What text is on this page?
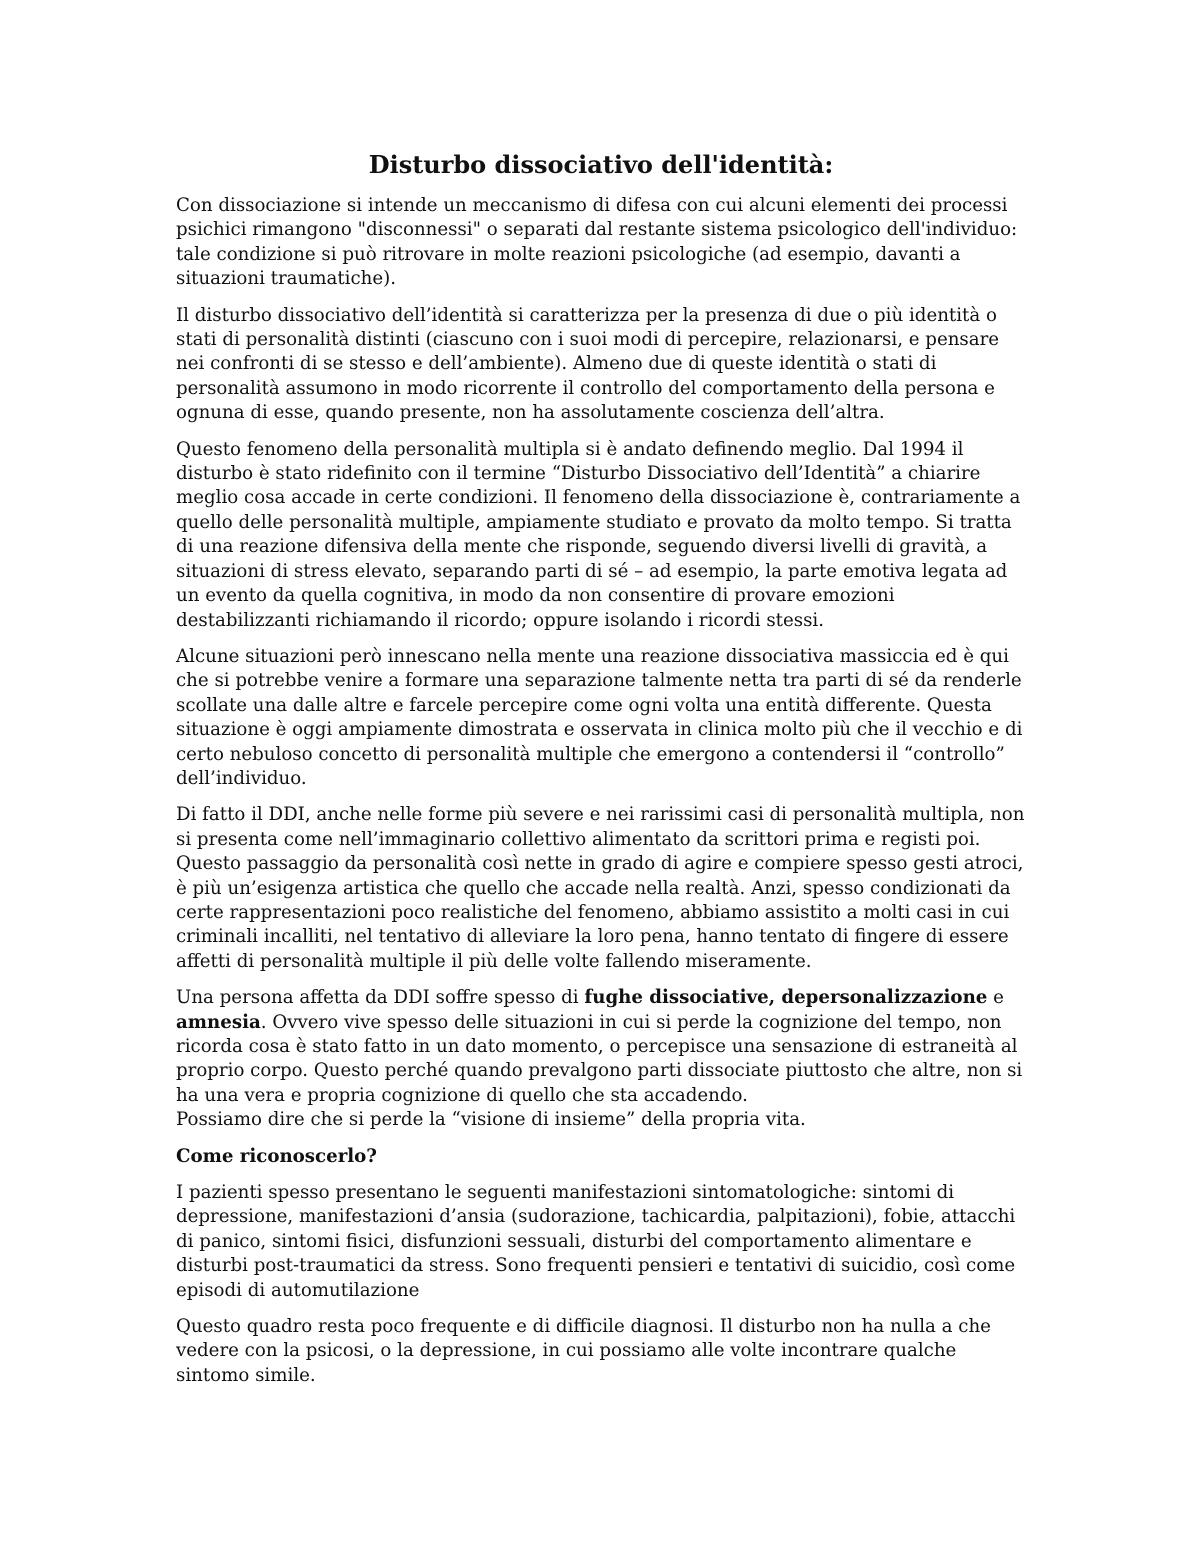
Disturbo dissociativo dell'identità:

Con dissociazione si intende un meccanismo di difesa con cui alcuni elementi dei processi psichici rimangono "disconnessi" o separati dal restante sistema psicologico dell'individuo: tale condizione si può ritrovare in molte reazioni psicologiche (ad esempio, davanti a situazioni traumatiche).

Il disturbo dissociativo dell’identità si caratterizza per la presenza di due o più identità o stati di personalità distinti (ciascuno con i suoi modi di percepire, relazionarsi, e pensare nei confronti di se stesso e dell’ambiente). Almeno due di queste identità o stati di personalità assumono in modo ricorrente il controllo del comportamento della persona e ognuna di esse, quando presente, non ha assolutamente coscienza dell’altra.

Questo fenomeno della personalità multipla si è andato definendo meglio. Dal 1994 il disturbo è stato ridefinito con il termine “Disturbo Dissociativo dell’Identità” a chiarire meglio cosa accade in certe condizioni. Il fenomeno della dissociazione è, contrariamente a quello delle personalità multiple, ampiamente studiato e provato da molto tempo. Si tratta di una reazione difensiva della mente che risponde, seguendo diversi livelli di gravità, a situazioni di stress elevato, separando parti di sé – ad esempio, la parte emotiva legata ad un evento da quella cognitiva, in modo da non consentire di provare emozioni destabilizzanti richiamando il ricordo; oppure isolando i ricordi stessi.

Alcune situazioni però innescano nella mente una reazione dissociativa massiccia ed è qui che si potrebbe venire a formare una separazione talmente netta tra parti di sé da renderle scollate una dalle altre e farcele percepire come ogni volta una entità differente. Questa situazione è oggi ampiamente dimostrata e osservata in clinica molto più che il vecchio e di certo nebuloso concetto di personalità multiple che emergono a contendersi il “controllo” dell’individuo.

Di fatto il DDI, anche nelle forme più severe e nei rarissimi casi di personalità multipla, non si presenta come nell’immaginario collettivo alimentato da scrittori prima e registi poi. Questo passaggio da personalità così nette in grado di agire e compiere spesso gesti atroci, è più un’esigenza artistica che quello che accade nella realtà. Anzi, spesso condizionati da certe rappresentazioni poco realistiche del fenomeno, abbiamo assistito a molti casi in cui criminali incalliti, nel tentativo di alleviare la loro pena, hanno tentato di fingere di essere affetti di personalità multiple il più delle volte fallendo miseramente.

Una persona affetta da DDI soffre spesso di fughe dissociative, depersonalizzazione e amnesia. Ovvero vive spesso delle situazioni in cui si perde la cognizione del tempo, non ricorda cosa è stato fatto in un dato momento, o percepisce una sensazione di estraneità al proprio corpo. Questo perché quando prevalgono parti dissociate piuttosto che altre, non si ha una vera e propria cognizione di quello che sta accadendo.

Possiamo dire che si perde la “visione di insieme” della propria vita.

Come riconoscerlo?

I pazienti spesso presentano le seguenti manifestazioni sintomatologiche: sintomi di depressione, manifestazioni d’ansia (sudorazione, tachicardia, palpitazioni), fobie, attacchi di panico, sintomi fisici, disfunzioni sessuali, disturbi del comportamento alimentare e disturbi post-traumatici da stress. Sono frequenti pensieri e tentativi di suicidio, così come episodi di automutilazione

Questo quadro resta poco frequente e di difficile diagnosi. Il disturbo non ha nulla a che vedere con la psicosi, o la depressione, in cui possiamo alle volte incontrare qualche sintomo simile.
